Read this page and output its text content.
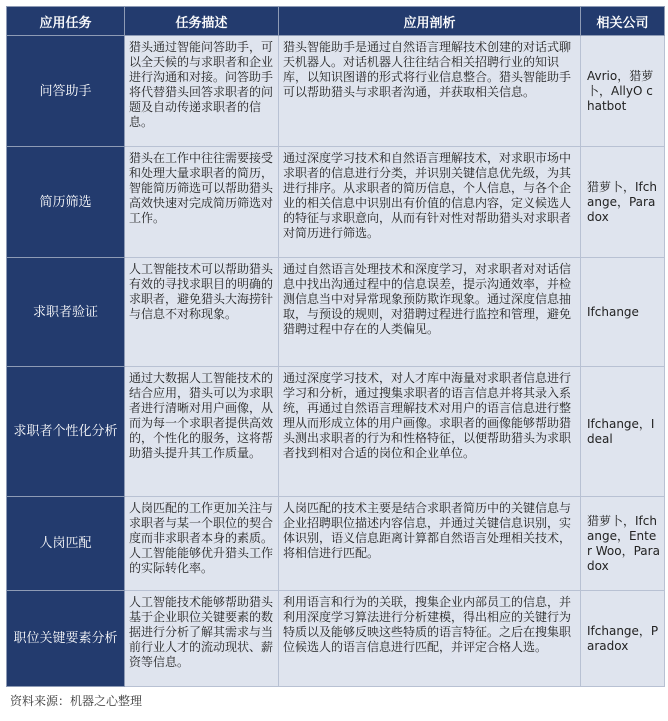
应用任务	任务描述	应用剖析	相关公司
问答助手	猎头通过智能问答助手，可以全天候的与求职者和企业进行沟通和对接。问答助手将代替猎头回答求职者的问题及自动传递求职者的信息。	猎头智能助手是通过自然语言理解技术创建的对话式聊天机器人。对话机器人往往结合相关招聘行业的知识库，以知识图谱的形式将行业信息整合。猎头智能助手可以帮助猎头与求职者沟通，并获取相关信息。	Avrio，猎萝卜，AllyO chatbot
简历筛选	猎头在工作中往往需要接受和处理大量求职者的简历，智能简历筛选可以帮助猎头高效快速对完成简历筛选对工作。	通过深度学习技术和自然语言理解技术，对求职市场中求职者的信息进行分类，并识别关键信息优先级，为其进行排序。从求职者的简历信息，个人信息，与各个企业的相关信息中识别出有价值的信息内容，定义候选人的特征与求职意向，从而有针对性对帮助猎头对求职者对简历进行筛选。	猎萝卜，Ifchange，Paradox
求职者验证	人工智能技术可以帮助猎头有效的寻找求职目的明确的求职者，避免猎头大海捞针与信息不对称现象。	通过自然语言处理技术和深度学习，对求职者对对话信息中找出沟通过程中的信息误差，提示沟通效率，并检测信息当中对异常现象预防欺诈现象。通过深度信息抽取，与预设的规则，对猎聘过程进行监控和管理，避免猎聘过程中存在的人类偏见。	Ifchange
求职者个性化分析	通过大数据人工智能技术的结合应用，猎头可以为求职者进行清晰对用户画像，从而为每一个求职者提供高效的，个性化的服务，这将帮助猎头提升其工作质量。	通过深度学习技术，对人才库中海量对求职者信息进行学习和分析，通过搜集求职者的语言信息并将其录入系统，再通过自然语言理解技术对用户的语言信息进行整理从而形成立体的用户画像。求职者的画像能够帮助猎头测出求职者的行为和性格特征，以便帮助猎头为求职者找到相对合适的岗位和企业单位。	Ifchange，Ideal
人岗匹配	人岗匹配的工作更加关注与求职者与某一个职位的契合度而非求职者本身的素质。人工智能能够优升猎头工作的实际转化率。	人岗匹配的技术主要是结合求职者简历中的关键信息与企业招聘职位描述内容信息，并通过关键信息识别，实体识别，语义信息距离计算都自然语言处理相关技术，将相信进行匹配。	猎萝卜，Ifchange，Enter Woo，Paradox
职位关键要素分析	人工智能技术能够帮助猎头基于企业职位关键要素的数据进行分析了解其需求与当前行业人才的流动现状、薪资等信息。	利用语言和行为的关联，搜集企业内部员工的信息，并利用深度学习算法进行分析建模，得出相应的关键行为特质以及能够反映这些特质的语言特征。之后在搜集职位候选人的语言信息进行匹配，并评定合格人选。	Ifchange，Paradox
资料来源：机器之心整理
